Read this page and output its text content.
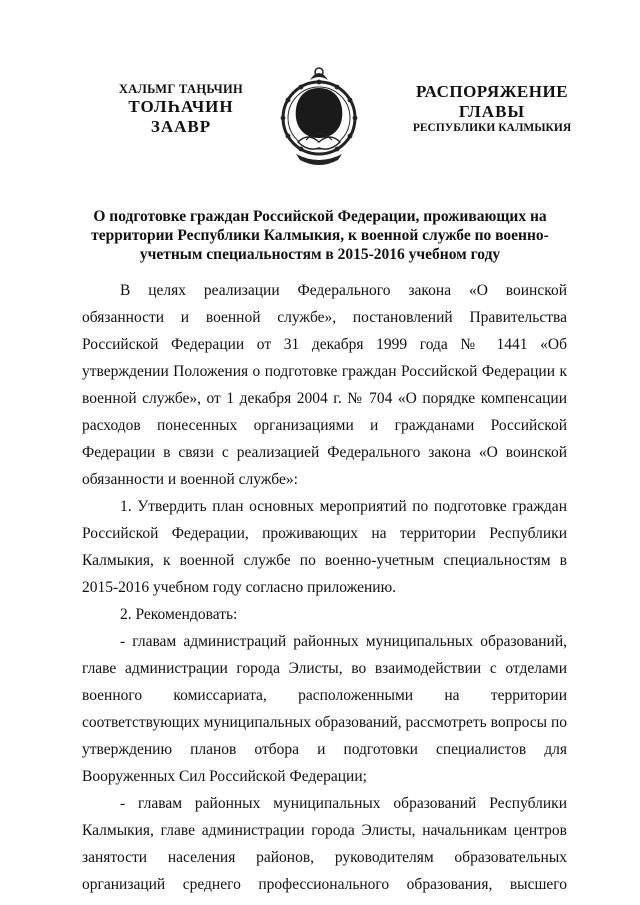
ХАЛЬМГ ТАҢЬЧИН
ТОЛҺАЧИН
ЗААВР
РАСПОРЯЖЕНИЕ
ГЛАВЫ
РЕСПУБЛИКИ КАЛМЫКИЯ
О подготовке граждан Российской Федерации, проживающих на территории Республики Калмыкия, к военной службе по военно-учетным специальностям в 2015-2016 учебном году

В целях реализации Федерального закона «О воинской обязанности и военной службе», постановлений Правительства Российской Федерации от 31 декабря 1999 года № 1441 «Об утверждении Положения о подготовке граждан Российской Федерации к военной службе», от 1 декабря 2004 г. № 704 «О порядке компенсации расходов понесенных организациями и гражданами Российской Федерации в связи с реализацией Федерального закона «О воинской обязанности и военной службе»:

1. Утвердить план основных мероприятий по подготовке граждан Российской Федерации, проживающих на территории Республики Калмыкия, к военной службе по военно-учетным специальностям в 2015-2016 учебном году согласно приложению.

2. Рекомендовать:

- главам администраций районных муниципальных образований, главе администрации города Элисты, во взаимодействии с отделами военного комиссариата, расположенными на территории соответствующих муниципальных образований, рассмотреть вопросы по утверждению планов отбора и подготовки специалистов для Вооруженных Сил Российской Федерации;

- главам районных муниципальных образований Республики Калмыкия, главе администрации города Элисты, начальникам центров занятости населения районов, руководителям образовательных организаций среднего профессионального образования, высшего
